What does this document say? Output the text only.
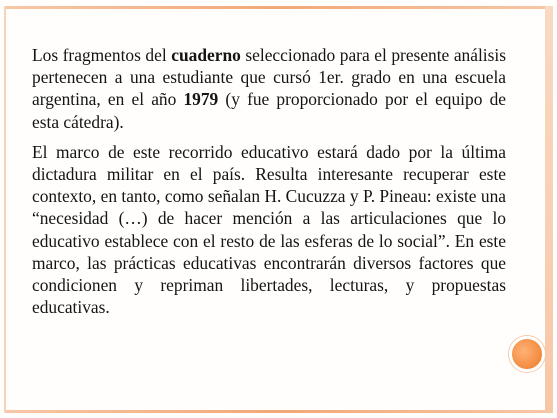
Los fragmentos del cuaderno seleccionado para el presente análisis pertenecen a una estudiante que cursó 1er. grado en una escuela argentina, en el año 1979 (y fue proporcionado por el equipo de esta cátedra).

El marco de este recorrido educativo estará dado por la última dictadura militar en el país. Resulta interesante recuperar este contexto, en tanto, como señalan H. Cucuzza y P. Pineau: existe una “necesidad (…) de hacer mención a las articulaciones que lo educativo establece con el resto de las esferas de lo social”. En este marco, las prácticas educativas encontrarán diversos factores que condicionen y repriman libertades, lecturas, y propuestas educativas.
